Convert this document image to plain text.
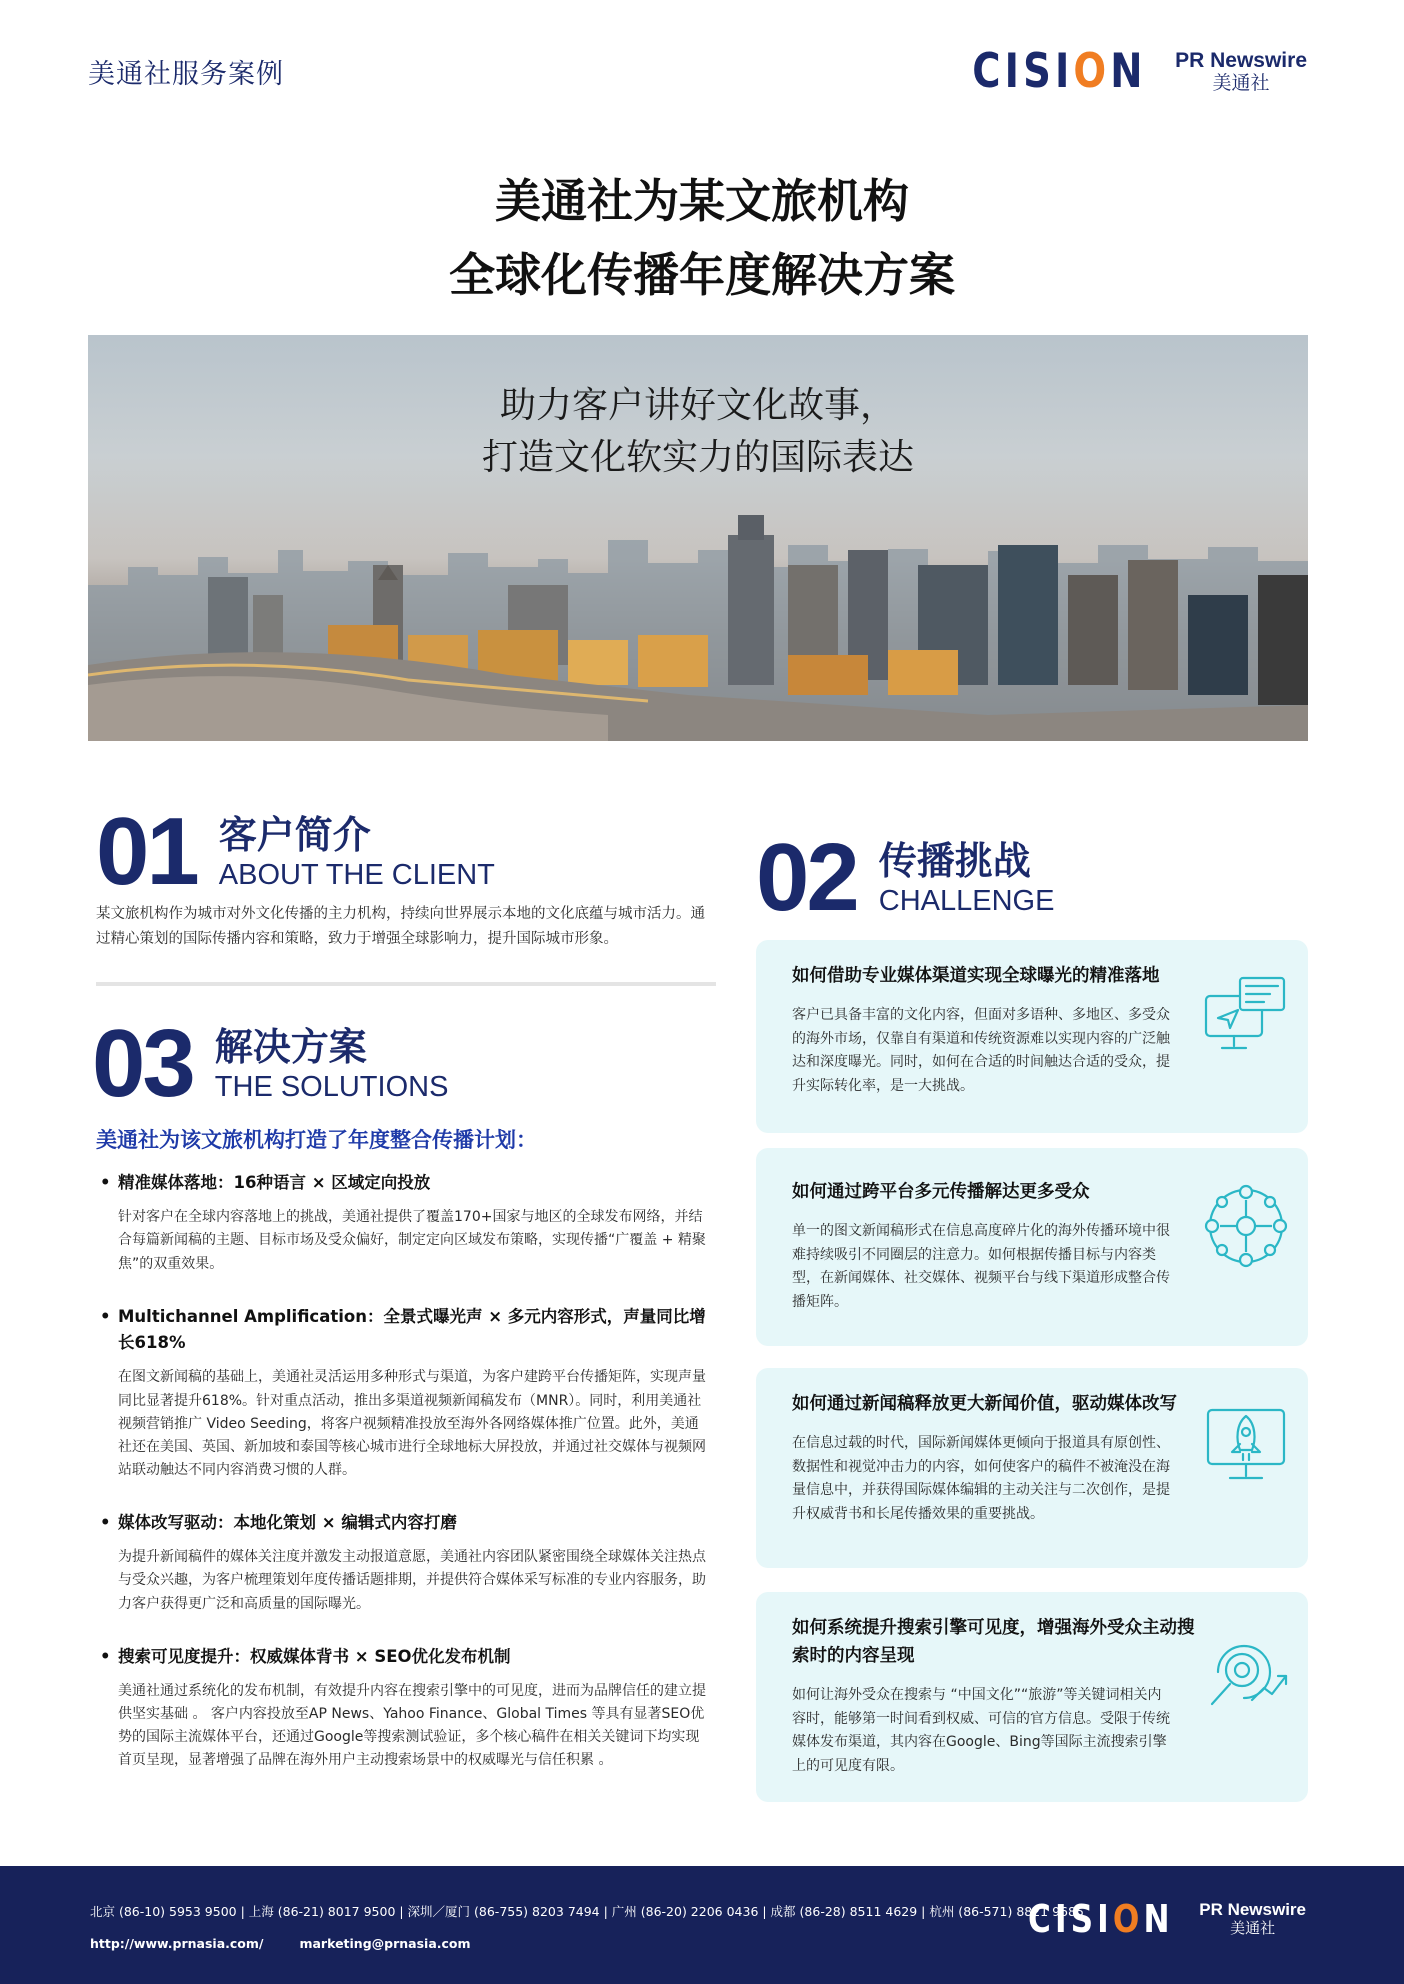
美通社服务案例	CISION PR Newswire
美通社
美通社为某文旅机构
全球化传播年度解决方案
助力客户讲好文化故事，
打造文化软实力的国际表达
01 客户简介
ABOUT THE CLIENT
某文旅机构作为城市对外文化传播的主力机构，持续向世界展示本地的文化底蕴与城市活力。通过精心策划的国际传播内容和策略，致力于增强全球影响力，提升国际城市形象。
03 解决方案
THE SOLUTIONS
美通社为该文旅机构打造了年度整合传播计划：
• 精准媒体落地：16种语言 × 区域定向投放
针对客户在全球内容落地上的挑战，美通社提供了覆盖170+国家与地区的全球发布网络，并结合每篇新闻稿的主题、目标市场及受众偏好，制定定向区域发布策略，实现传播“广覆盖 + 精聚焦”的双重效果。
• Multichannel Amplification：全景式曝光声 × 多元内容形式，声量同比增长618%
在图文新闻稿的基础上，美通社灵活运用多种形式与渠道，为客户建跨平台传播矩阵，实现声量同比显著提升618%。针对重点活动，推出多渠道视频新闻稿发布（MNR）。同时，利用美通社视频营销推广 Video Seeding，将客户视频精准投放至海外各网络媒体推广位置。此外，美通社还在美国、英国、新加坡和泰国等核心城市进行全球地标大屏投放，并通过社交媒体与视频网站联动触达不同内容消费习惯的人群。
• 媒体改写驱动：本地化策划 × 编辑式内容打磨
为提升新闻稿件的媒体关注度并激发主动报道意愿，美通社内容团队紧密围绕全球媒体关注热点与受众兴趣，为客户梳理策划年度传播话题排期，并提供符合媒体采写标准的专业内容服务，助力客户获得更广泛和高质量的国际曝光。
• 搜索可见度提升：权威媒体背书 × SEO优化发布机制
美通社通过系统化的发布机制，有效提升内容在搜索引擎中的可见度，进而为品牌信任的建立提供坚实基础 。 客户内容投放至AP News、Yahoo Finance、Global Times 等具有显著SEO优势的国际主流媒体平台，还通过Google等搜索测试验证，多个核心稿件在相关关键词下均实现首页呈现，显著增强了品牌在海外用户主动搜索场景中的权威曝光与信任积累 。
02 传播挑战
CHALLENGE
如何借助专业媒体渠道实现全球曝光的精准落地
客户已具备丰富的文化内容，但面对多语种、多地区、多受众的海外市场，仅靠自有渠道和传统资源难以实现内容的广泛触达和深度曝光。同时，如何在合适的时间触达合适的受众，提升实际转化率，是一大挑战。
如何通过跨平台多元传播解达更多受众
单一的图文新闻稿形式在信息高度碎片化的海外传播环境中很难持续吸引不同圈层的注意力。如何根据传播目标与内容类型，在新闻媒体、社交媒体、视频平台与线下渠道形成整合传播矩阵。
如何通过新闻稿释放更大新闻价值，驱动媒体改写
在信息过载的时代，国际新闻媒体更倾向于报道具有原创性、数据性和视觉冲击力的内容，如何使客户的稿件不被淹没在海量信息中，并获得国际媒体编辑的主动关注与二次创作，是提升权威背书和长尾传播效果的重要挑战。
如何系统提升搜索引擎可见度，增强海外受众主动搜索时的内容呈现
如何让海外受众在搜索与 “中国文化”“旅游”等关键词相关内容时，能够第一时间看到权威、可信的官方信息。受限于传统媒体发布渠道，其内容在Google、Bing等国际主流搜索引擎上的可见度有限。
北京 (86-10) 5953 9500 | 上海 (86-21) 8017 9500 | 深圳／厦门 (86-755) 8203 7494 | 广州 (86-20) 2206 0436 | 成都 (86-28) 8511 4629 | 杭州 (86-571) 8821 9685
http://www.prnasia.com/	marketing@prnasia.com
CISION PR Newswire
美通社
